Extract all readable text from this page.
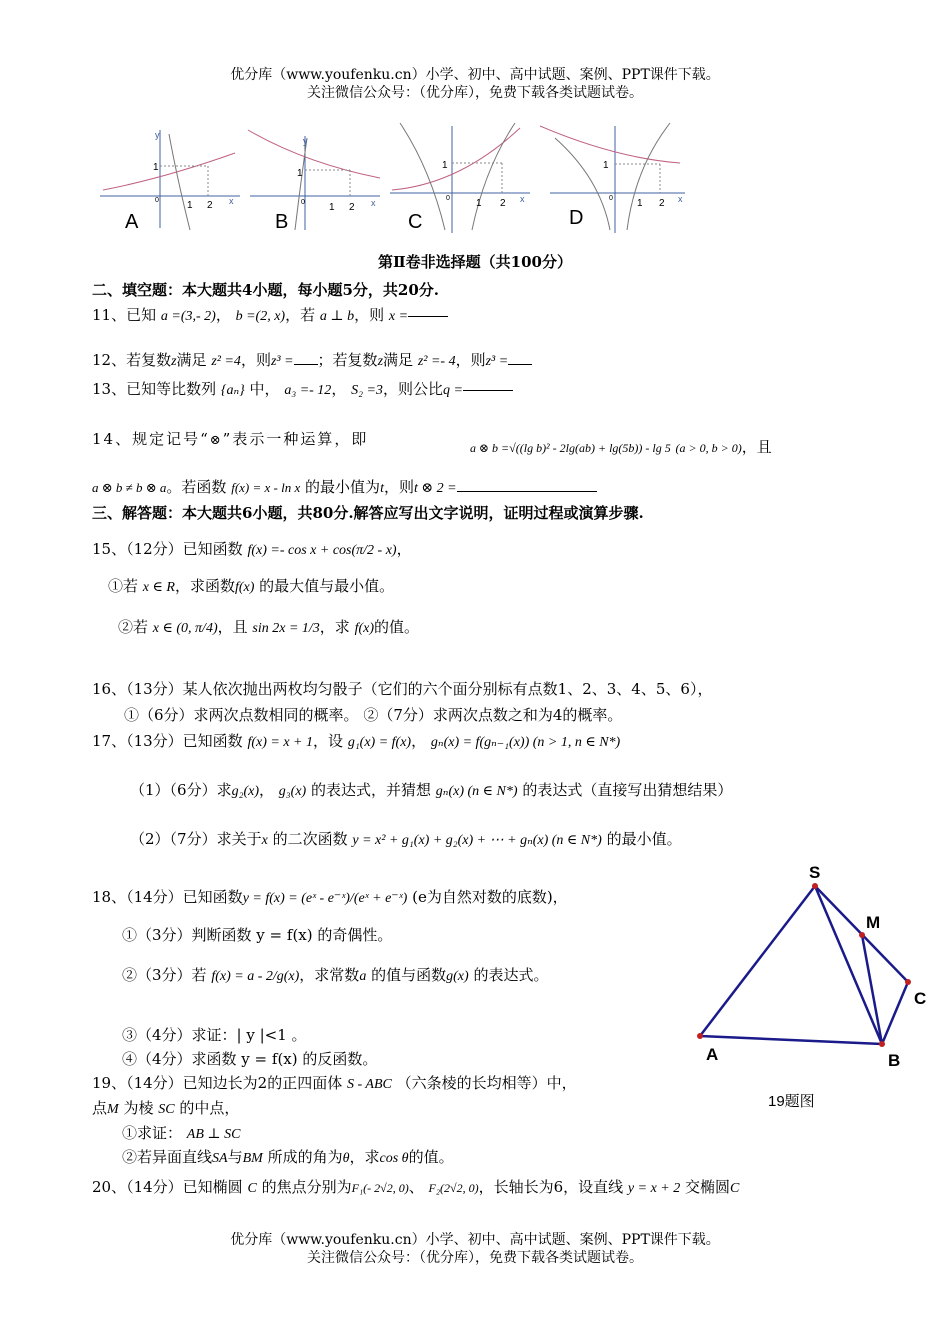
优分库（www.youfenku.cn）小学、初中、高中试题、案例、PPT课件下载。
关注微信公众号：（优分库），免费下载各类试题试卷。
1
1 2
0	x
y
A
1
1 2
0	x
y
B
1
1 2
0	x
C
1
1 2
0	x
D
第Ⅱ卷非选择题（共100分）
二、填空题：本大题共4小题，每小题5分，共20分.
11、已知 a =(3,- 2)， b =(2, x)，若 a ⊥ b，则 x =
12、若复数z满足 z² =4，则z³ = ；若复数z满足 z² =- 4，则z³ =
13、已知等比数列 {aₙ} 中， a₃ =- 12， S₂ =3，则公比q =
14、规定记号“⊗”表示一种运算，即	a ⊗ b =√((lg b)² - 2lg(ab) + lg(5b)) - lg 5 (a > 0, b > 0)，且
a ⊗ b ≠ b ⊗ a。若函数 f(x) = x - ln x 的最小值为t，则t ⊗ 2 =
三、解答题：本大题共6小题，共80分.解答应写出文字说明，证明过程或演算步骤.
15、（12分）已知函数 f(x) =- cos x + cos(π/2 - x)，
①若 x ∈ R，求函数f(x) 的最大值与最小值。
②若 x ∈ (0, π/4)，且 sin 2x = 1/3，求 f(x)的值。
16、（13分）某人依次抛出两枚均匀骰子（它们的六个面分别标有点数1、2、3、4、5、6），
①（6分）求两次点数相同的概率。 ②（7分）求两次点数之和为4的概率。
17、（13分）已知函数 f(x) = x + 1，设 g₁(x) = f(x)， gₙ(x) = f(gₙ₋₁(x)) (n > 1, n ∈ N*)
（1）（6分）求g₂(x)， g₃(x) 的表达式，并猜想 gₙ(x) (n ∈ N*) 的表达式（直接写出猜想结果）
（2）（7分）求关于x 的二次函数 y = x² + g₁(x) + g₂(x) + ⋯ + gₙ(x) (n ∈ N*) 的最小值。
18、（14分）已知函数y = f(x) = (eˣ - e⁻ˣ)/(eˣ + e⁻ˣ) (e为自然对数的底数)，
①（3分）判断函数 y = f(x) 的奇偶性。
②（3分）若 f(x) = a - 2/g(x)，求常数a 的值与函数g(x) 的表达式。
③（4分）求证：| y |<1 。
④（4分）求函数 y = f(x) 的反函数。
19、（14分）已知边长为2的正四面体 S - ABC （六条棱的长均相等）中，
点M 为棱 SC 的中点，
①求证： AB ⊥ SC
②若异面直线SA与BM 所成的角为θ，求cos θ的值。
S
M
C
A	B
19题图
20、（14分）已知椭圆 C 的焦点分别为F₁(- 2√2, 0)、 F₂(2√2, 0)，长轴长为6，设直线 y = x + 2 交椭圆C
优分库（www.youfenku.cn）小学、初中、高中试题、案例、PPT课件下载。
关注微信公众号：（优分库），免费下载各类试题试卷。
